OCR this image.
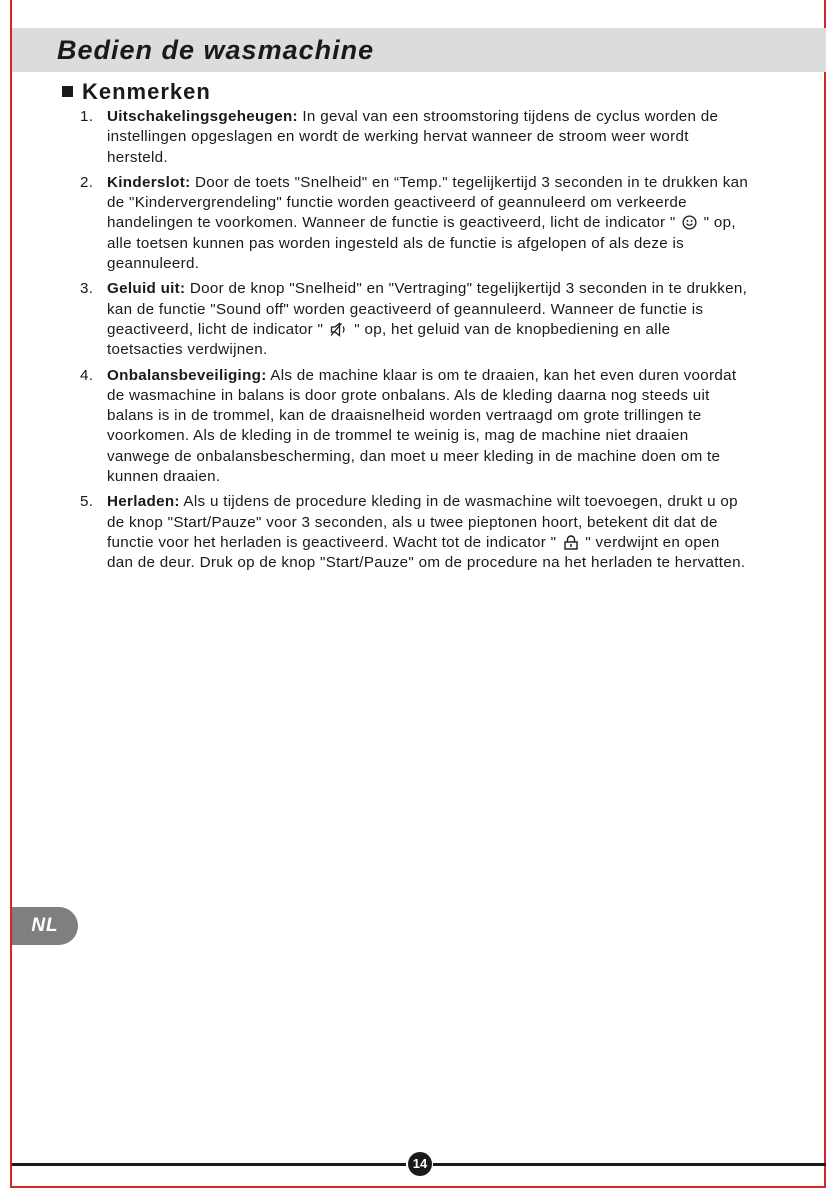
Bedien de wasmachine
Kenmerken
1. Uitschakelingsgeheugen: In geval van een stroomstoring tijdens de cyclus worden de instellingen opgeslagen en wordt de werking hervat wanneer de stroom weer wordt hersteld.
2. Kinderslot: Door de toets "Snelheid" en “Temp." tegelijkertijd 3 seconden in te drukken kan de "Kindervergrendeling" functie worden geactiveerd of geannuleerd om verkeerde handelingen te voorkomen. Wanneer de functie is geactiveerd, licht de indicator "  " op, alle toetsen kunnen pas worden ingesteld als de functie is afgelopen of als deze is geannuleerd.
3. Geluid uit: Door de knop "Snelheid" en "Vertraging" tegelijkertijd 3 seconden in te drukken, kan de functie "Sound off" worden geactiveerd of geannuleerd. Wanneer de functie is geactiveerd, licht de indicator "  " op, het geluid van de knopbediening en alle toetsacties verdwijnen.
4. Onbalansbeveiliging: Als de machine klaar is om te draaien, kan het even duren voordat de wasmachine in balans is door grote onbalans. Als de kleding daarna nog steeds uit balans is in de trommel, kan de draaisnelheid worden vertraagd om grote trillingen te voorkomen. Als de kleding in de trommel te weinig is, mag de machine niet draaien vanwege de onbalansbescherming, dan moet u meer kleding in de machine doen om te kunnen draaien.
5. Herladen: Als u tijdens de procedure kleding in de wasmachine wilt toevoegen, drukt u op de knop "Start/Pauze" voor 3 seconden, als u twee pieptonen hoort, betekent dit dat de functie voor het herladen is geactiveerd. Wacht tot de indicator "  " verdwijnt en open dan de deur. Druk op de knop "Start/Pauze" om de procedure na het herladen te hervatten.
NL
14
